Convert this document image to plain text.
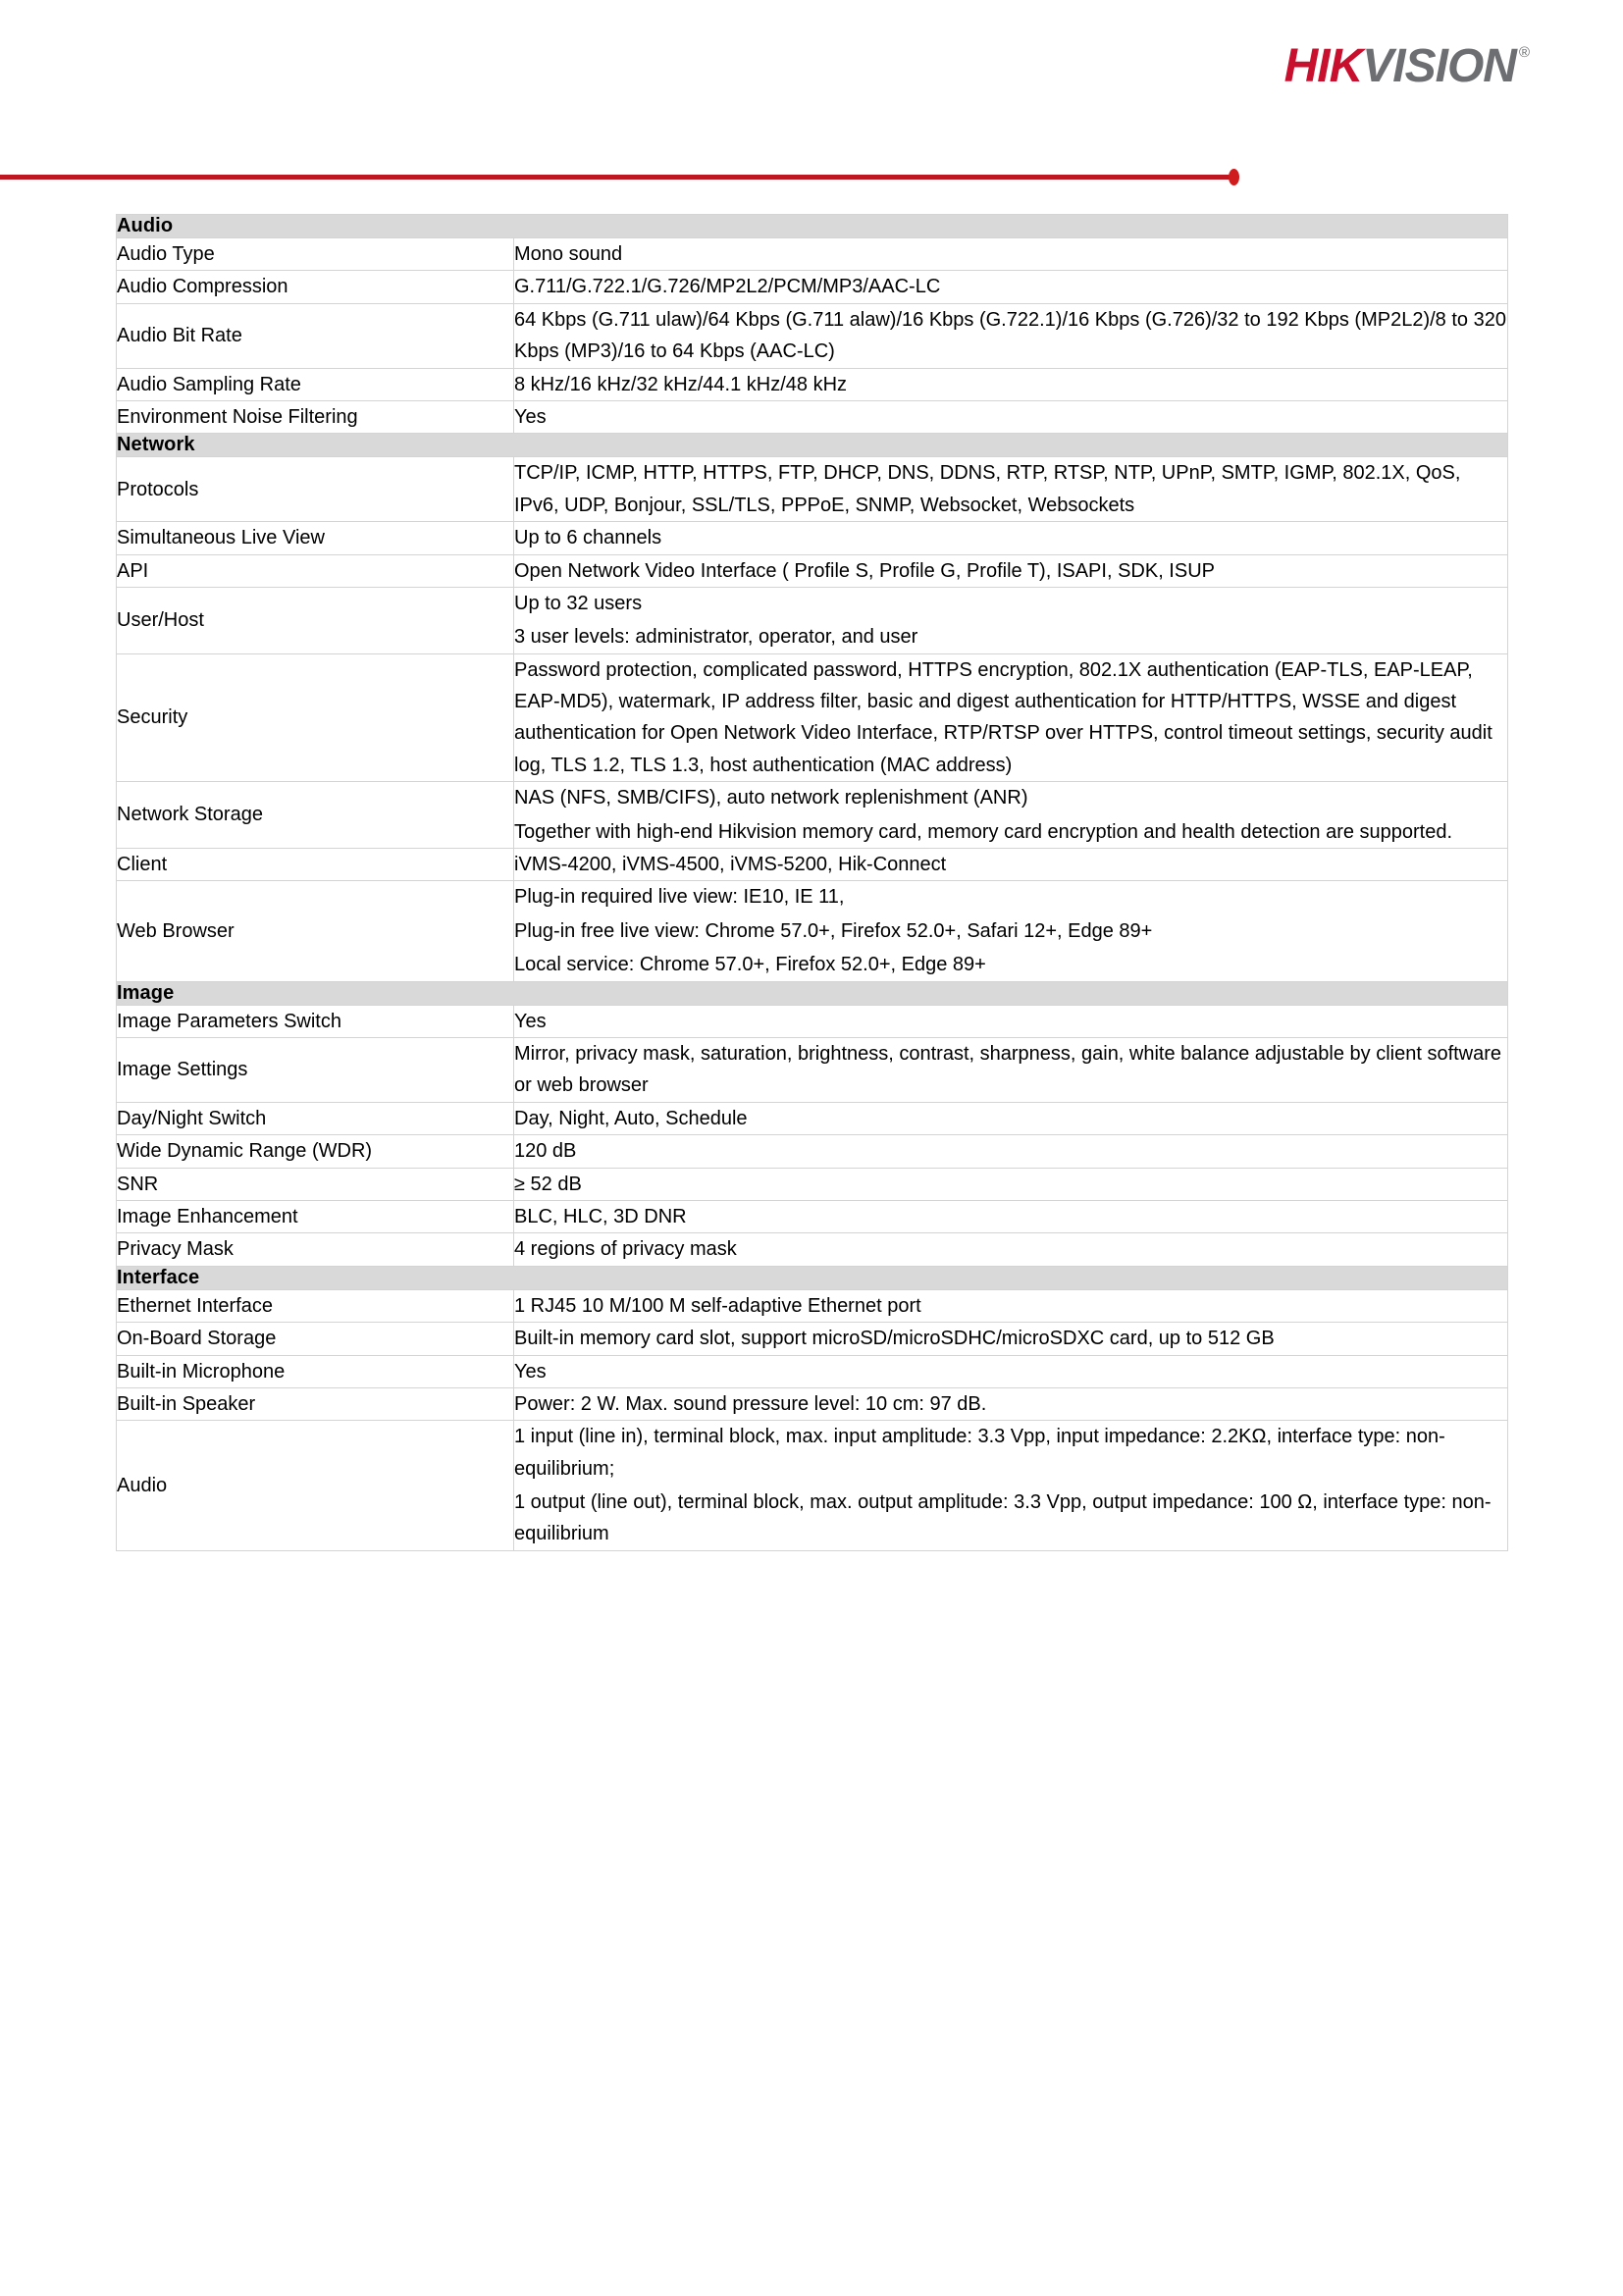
HIK VISION ®
Audio	
Audio Type	Mono sound

Audio Compression	G.711/G.722.1/G.726/MP2L2/PCM/MP3/AAC-LC

Audio Bit Rate	64 Kbps (G.711 ulaw)/64 Kbps (G.711 alaw)/16 Kbps (G.722.1)/16 Kbps (G.726)/32 to 192 Kbps (MP2L2)/8 to 320 Kbps (MP3)/16 to 64 Kbps (AAC-LC)

Audio Sampling Rate	8 kHz/16 kHz/32 kHz/44.1 kHz/48 kHz

Environment Noise Filtering	Yes

Network	
Protocols	TCP/IP, ICMP, HTTP, HTTPS, FTP, DHCP, DNS, DDNS, RTP, RTSP, NTP, UPnP, SMTP, IGMP, 802.1X, QoS, IPv6, UDP, Bonjour, SSL/TLS, PPPoE, SNMP, Websocket, Websockets

Simultaneous Live View	Up to 6 channels

API	Open Network Video Interface ( Profile S, Profile G, Profile T), ISAPI, SDK, ISUP

User/Host	Up to 32 users
3 user levels: administrator, operator, and user

Security	Password protection, complicated password, HTTPS encryption, 802.1X authentication (EAP-TLS, EAP-LEAP, EAP-MD5), watermark, IP address filter, basic and digest authentication for HTTP/HTTPS, WSSE and digest authentication for Open Network Video Interface, RTP/RTSP over HTTPS, control timeout settings, security audit log, TLS 1.2, TLS 1.3, host authentication (MAC address)

Network Storage	NAS (NFS, SMB/CIFS), auto network replenishment (ANR)
Together with high-end Hikvision memory card, memory card encryption and health detection are supported.

Client	iVMS-4200, iVMS-4500, iVMS-5200, Hik-Connect

Web Browser	Plug-in required live view: IE10, IE 11,
Plug-in free live view: Chrome 57.0+, Firefox 52.0+, Safari 12+, Edge 89+
Local service: Chrome 57.0+, Firefox 52.0+, Edge 89+

Image	
Image Parameters Switch	Yes

Image Settings	Mirror, privacy mask, saturation, brightness, contrast, sharpness, gain, white balance adjustable by client software or web browser

Day/Night Switch	Day, Night, Auto, Schedule

Wide Dynamic Range (WDR)	120 dB

SNR	≥ 52 dB

Image Enhancement	BLC, HLC, 3D DNR

Privacy Mask	4 regions of privacy mask

Interface	
Ethernet Interface	1 RJ45 10 M/100 M self-adaptive Ethernet port

On-Board Storage	Built-in memory card slot, support microSD/microSDHC/microSDXC card, up to 512 GB

Built-in Microphone	Yes

Built-in Speaker	Power: 2 W. Max. sound pressure level: 10 cm: 97 dB.

Audio	1 input (line in), terminal block, max. input amplitude: 3.3 Vpp, input impedance: 2.2KΩ, interface type: non-equilibrium;
1 output (line out), terminal block, max. output amplitude: 3.3 Vpp, output impedance: 100 Ω, interface type: non-equilibrium
